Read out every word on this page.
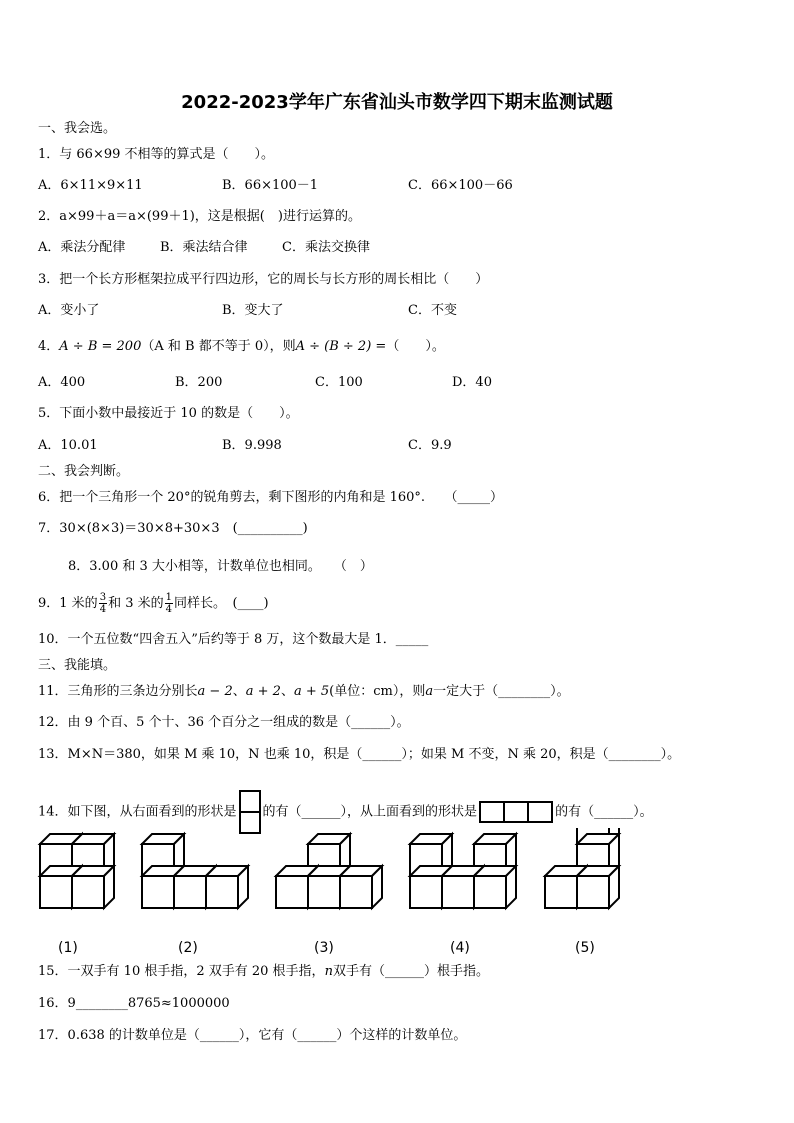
2022-2023学年广东省汕头市数学四下期末监测试题
一、我会选。
1．与 66×99 不相等的算式是（　　）。
A．6×11×9×11	B．66×100－1	C．66×100－66
2．a×99＋a＝a×(99＋1)，这是根据(　)进行运算的。
A．乘法分配律	B．乘法结合律	C．乘法交换律
3．把一个长方形框架拉成平行四边形，它的周长与长方形的周长相比（　　）
A．变小了	B．变大了	C．不变
4．A ÷ B = 200（A 和 B 都不等于 0），则A ÷ (B ÷ 2) =（　　）。
A．400	B．200	C．100	D．40
5．下面小数中最接近于 10 的数是（　　）。
A．10.01	B．9.998	C．9.9
二、我会判断。
6．把一个三角形一个 20°的锐角剪去，剩下图形的内角和是 160°.　　（_____）
7．30×(8×3)＝30×8+30×3　(__________)
8．3.00 和 3 大小相等，计数单位也相同。　　（　）
9．1 米的 $\frac{3}{4}$ 和 3 米的 $\frac{1}{4}$ 同样长。　(____)
10．一个五位数“四舍五入”后约等于 8 万，这个数最大是 1．_____
三、我能填。
11．三角形的三条边分别长a − 2、a + 2、a + 5(单位：cm），则a一定大于（________）。
12．由 9 个百、5 个十、36 个百分之一组成的数是（______）。
13．M×N＝380，如果 M 乘 10，N 也乘 10，积是（______）；如果 M 不变，N 乘 20，积是（________）。
14．如下图，从右面看到的形状是 的有（______），从上面看到的形状是	的有（______）。
(1)	(2)	(3)	(4)	(5)
15．一双手有 10 根手指，2 双手有 20 根手指，n双手有（______）根手指。
16．9________8765≈1000000
17．0.638 的计数单位是（______），它有（______）个这样的计数单位。
